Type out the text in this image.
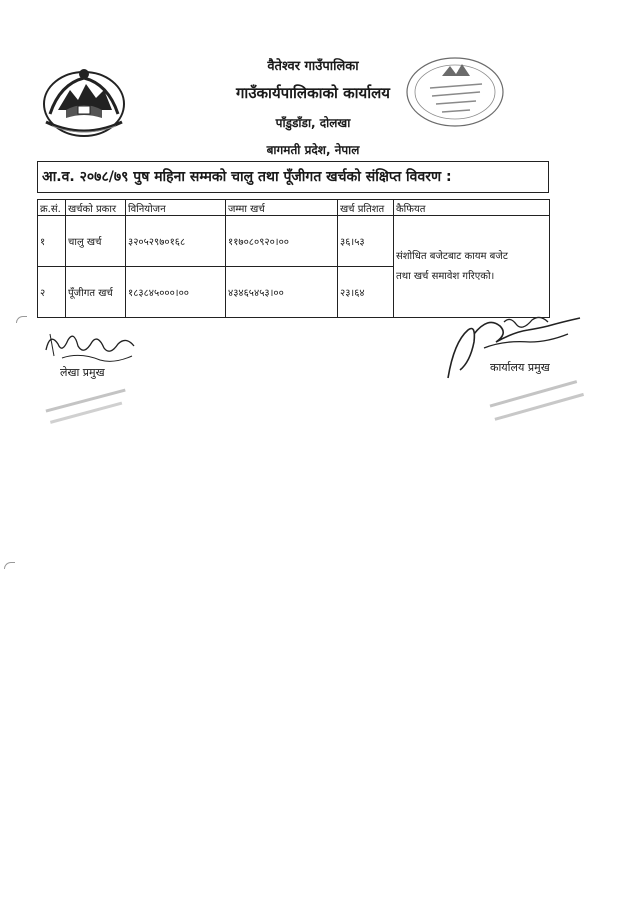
वैतेश्वर गाउँपालिका
गाउँकार्यपालिकाको कार्यालय
पाँडुडाँडा, दोलखा
बागमती प्रदेश, नेपाल
आ.व. २०७८/७९ पुष महिना सम्मको चालु तथा पूँजीगत खर्चको संक्षिप्त विवरण :
क्र.सं.	खर्चको प्रकार	विनियोजन	जम्मा खर्च	खर्च प्रतिशत	कैफियत
१	चालु खर्च	३२०५२९७०१६८	११७०८०९२०।००	३६।५३	संशोधित बजेटबाट कायम बजेट
तथा खर्च समावेश गरिएको।

२	पूँजीगत खर्च	१८३८४५०००।००	४३४६५४५३।००	२३।६४	
लेखा प्रमुख	कार्यालय प्रमुख
